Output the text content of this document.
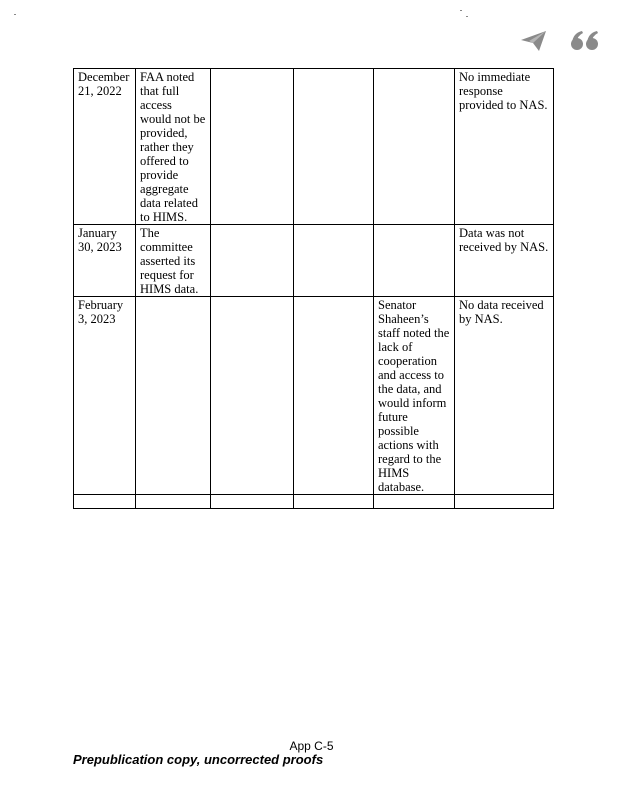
December 21, 2022	FAA noted that full access would not be provided, rather they offered to provide aggregate data related to HIMS.				No immediate response provided to NAS.
January 30, 2023	The committee asserted its request for HIMS data.				Data was not received by NAS.
February 3, 2023				Senator Shaheen’s staff noted the lack of cooperation and access to the data, and would inform future possible actions with regard to the HIMS database.	No data received by NAS.

App C-5
Prepublication copy, uncorrected proofs
